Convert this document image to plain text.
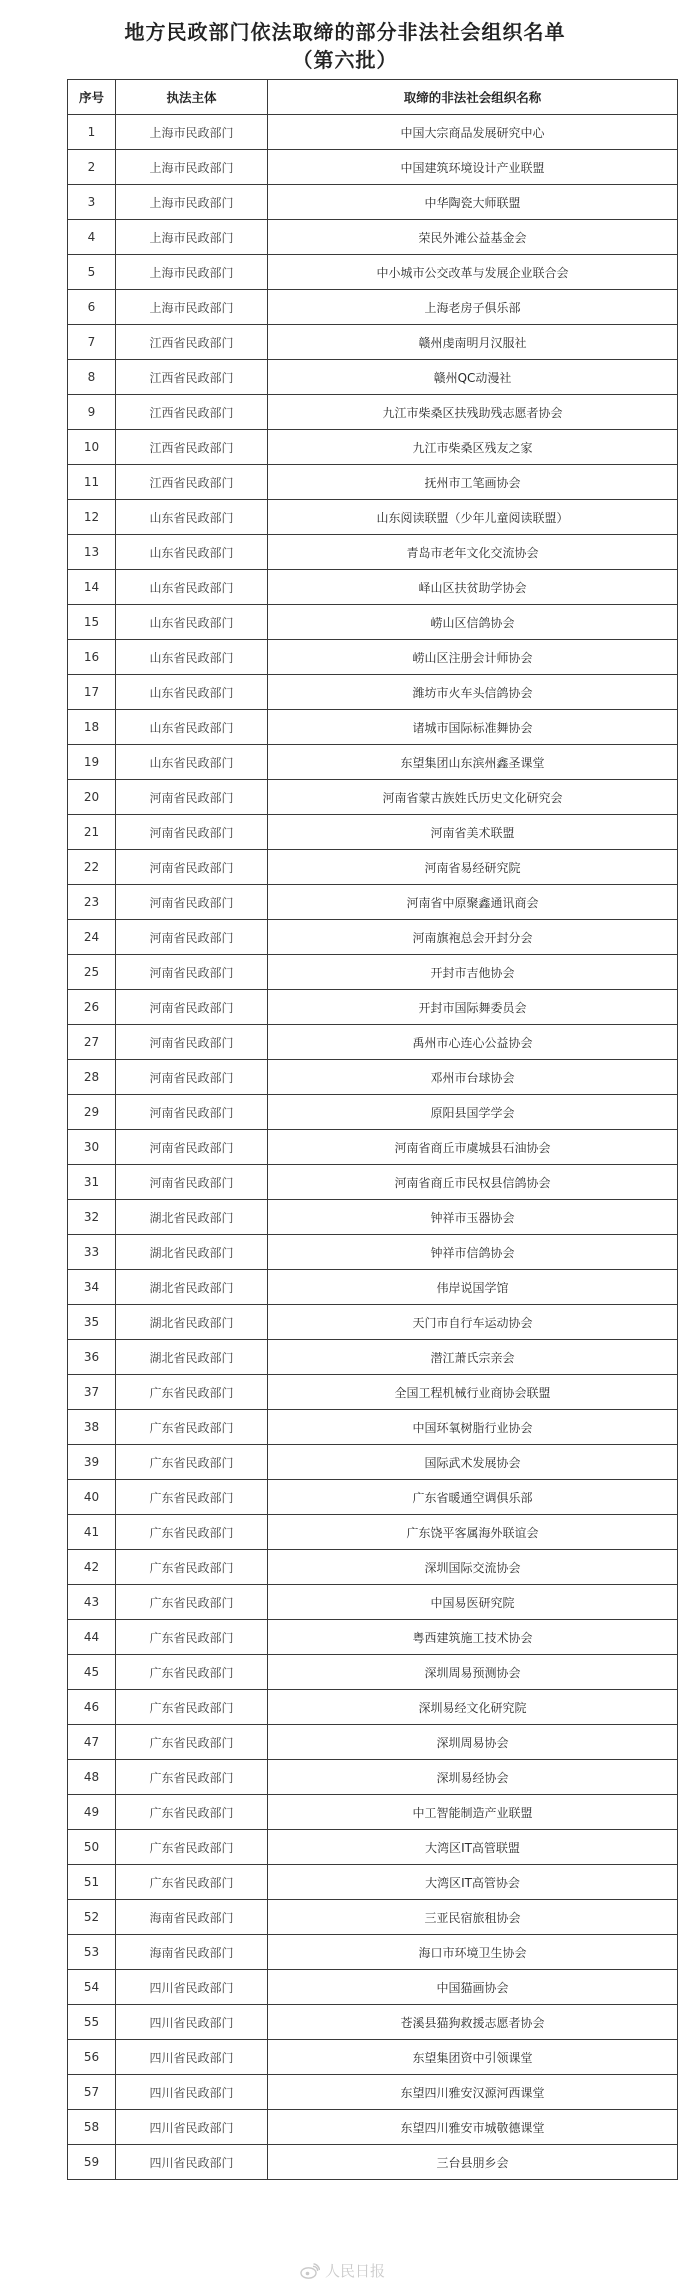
地方民政部门依法取缔的部分非法社会组织名单
（第六批）
序号	执法主体	取缔的非法社会组织名称
1	上海市民政部门	中国大宗商品发展研究中心
2	上海市民政部门	中国建筑环境设计产业联盟
3	上海市民政部门	中华陶瓷大师联盟
4	上海市民政部门	荣民外滩公益基金会
5	上海市民政部门	中小城市公交改革与发展企业联合会
6	上海市民政部门	上海老房子俱乐部
7	江西省民政部门	赣州虔南明月汉服社
8	江西省民政部门	赣州QC动漫社
9	江西省民政部门	九江市柴桑区扶残助残志愿者协会
10	江西省民政部门	九江市柴桑区残友之家
11	江西省民政部门	抚州市工笔画协会
12	山东省民政部门	山东阅读联盟（少年儿童阅读联盟）
13	山东省民政部门	青岛市老年文化交流协会
14	山东省民政部门	峄山区扶贫助学协会
15	山东省民政部门	崂山区信鸽协会
16	山东省民政部门	崂山区注册会计师协会
17	山东省民政部门	潍坊市火车头信鸽协会
18	山东省民政部门	诸城市国际标准舞协会
19	山东省民政部门	东望集团山东滨州鑫圣课堂
20	河南省民政部门	河南省蒙古族姓氏历史文化研究会
21	河南省民政部门	河南省美术联盟
22	河南省民政部门	河南省易经研究院
23	河南省民政部门	河南省中原聚鑫通讯商会
24	河南省民政部门	河南旗袍总会开封分会
25	河南省民政部门	开封市吉他协会
26	河南省民政部门	开封市国际舞委员会
27	河南省民政部门	禹州市心连心公益协会
28	河南省民政部门	邓州市台球协会
29	河南省民政部门	原阳县国学学会
30	河南省民政部门	河南省商丘市虞城县石油协会
31	河南省民政部门	河南省商丘市民权县信鸽协会
32	湖北省民政部门	钟祥市玉器协会
33	湖北省民政部门	钟祥市信鸽协会
34	湖北省民政部门	伟岸说国学馆
35	湖北省民政部门	天门市自行车运动协会
36	湖北省民政部门	潜江萧氏宗亲会
37	广东省民政部门	全国工程机械行业商协会联盟
38	广东省民政部门	中国环氧树脂行业协会
39	广东省民政部门	国际武术发展协会
40	广东省民政部门	广东省暖通空调俱乐部
41	广东省民政部门	广东饶平客属海外联谊会
42	广东省民政部门	深圳国际交流协会
43	广东省民政部门	中国易医研究院
44	广东省民政部门	粤西建筑施工技术协会
45	广东省民政部门	深圳周易预测协会
46	广东省民政部门	深圳易经文化研究院
47	广东省民政部门	深圳周易协会
48	广东省民政部门	深圳易经协会
49	广东省民政部门	中工智能制造产业联盟
50	广东省民政部门	大湾区IT高管联盟
51	广东省民政部门	大湾区IT高管协会
52	海南省民政部门	三亚民宿旅租协会
53	海南省民政部门	海口市环境卫生协会
54	四川省民政部门	中国猫画协会
55	四川省民政部门	苍溪县猫狗救援志愿者协会
56	四川省民政部门	东望集团资中引领课堂
57	四川省民政部门	东望四川雅安汉源河西课堂
58	四川省民政部门	东望四川雅安市城敬德课堂
59	四川省民政部门	三台县朋乡会
人民日报
